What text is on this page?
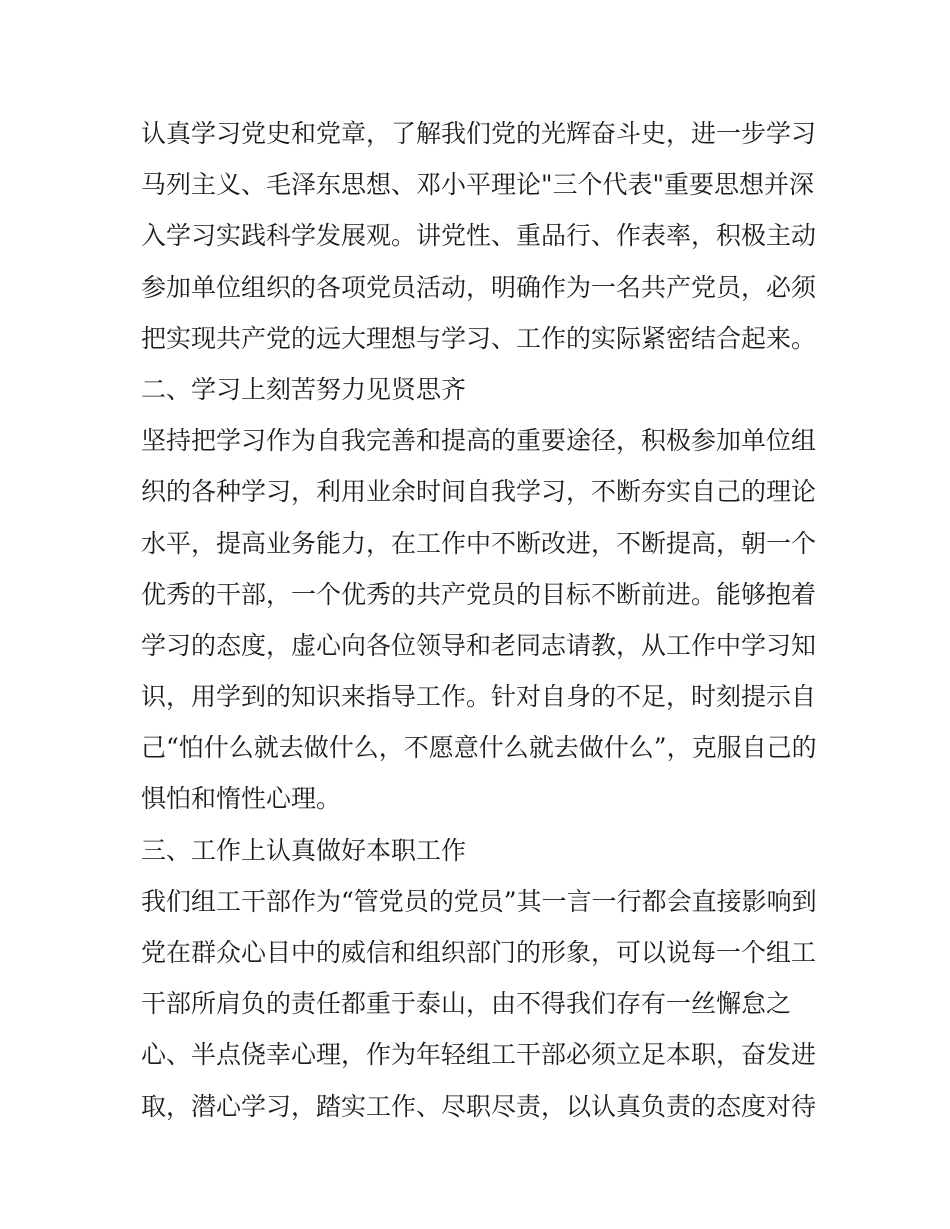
认真学习党史和党章，了解我们党的光辉奋斗史，进一步学习
马列主义、毛泽东思想、邓小平理论"三个代表"重要思想并深
入学习实践科学发展观。讲党性、重品行、作表率，积极主动
参加单位组织的各项党员活动，明确作为一名共产党员，必须
把实现共产党的远大理想与学习、工作的实际紧密结合起来。
二、学习上刻苦努力见贤思齐
坚持把学习作为自我完善和提高的重要途径，积极参加单位组
织的各种学习，利用业余时间自我学习，不断夯实自己的理论
水平，提高业务能力，在工作中不断改进，不断提高，朝一个
优秀的干部，一个优秀的共产党员的目标不断前进。能够抱着
学习的态度，虚心向各位领导和老同志请教，从工作中学习知
识，用学到的知识来指导工作。针对自身的不足，时刻提示自
己“怕什么就去做什么，不愿意什么就去做什么”，克服自己的
惧怕和惰性心理。
三、工作上认真做好本职工作
我们组工干部作为“管党员的党员”其一言一行都会直接影响到
党在群众心目中的威信和组织部门的形象，可以说每一个组工
干部所肩负的责任都重于泰山，由不得我们存有一丝懈怠之
心、半点侥幸心理，作为年轻组工干部必须立足本职，奋发进
取，潜心学习，踏实工作、尽职尽责，以认真负责的态度对待
